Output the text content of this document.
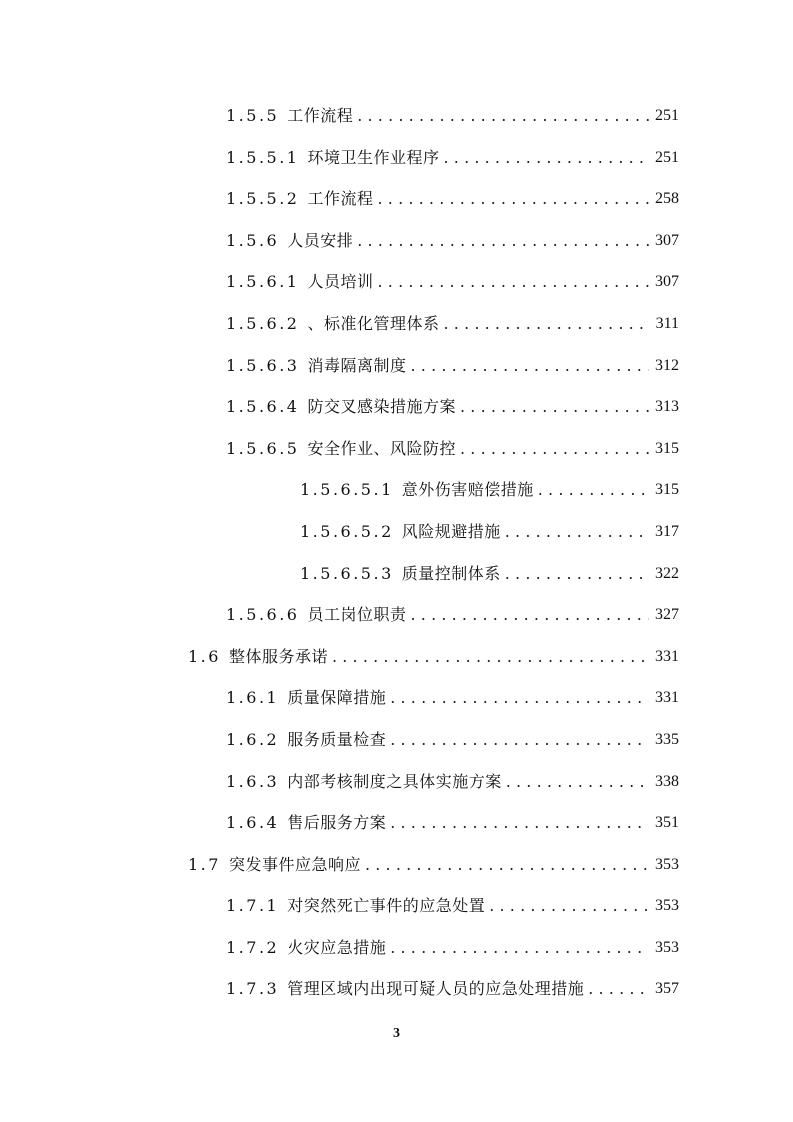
1.5.5 工作流程 .....	251
1.5.5.1 环境卫生作业程序 .....	251
1.5.5.2 工作流程 .....	258
1.5.6 人员安排 .....	307
1.5.6.1 人员培训 .....	307
1.5.6.2 、标准化管理体系 .....	311
1.5.6.3 消毒隔离制度 .....	312
1.5.6.4 防交叉感染措施方案 .....	313
1.5.6.5 安全作业、风险防控 .....	315
1.5.6.5.1 意外伤害赔偿措施 .....	315
1.5.6.5.2 风险规避措施 .....	317
1.5.6.5.3 质量控制体系 .....	322
1.5.6.6 员工岗位职责 .....	327
1.6 整体服务承诺 .....	331
1.6.1 质量保障措施 .....	331
1.6.2 服务质量检查 .....	335
1.6.3 内部考核制度之具体实施方案 .....	338
1.6.4 售后服务方案 .....	351
1.7 突发事件应急响应 .....	353
1.7.1 对突然死亡事件的应急处置 .....	353
1.7.2 火灾应急措施 .....	353
1.7.3 管理区域内出现可疑人员的应急处理措施 .....	357
3
